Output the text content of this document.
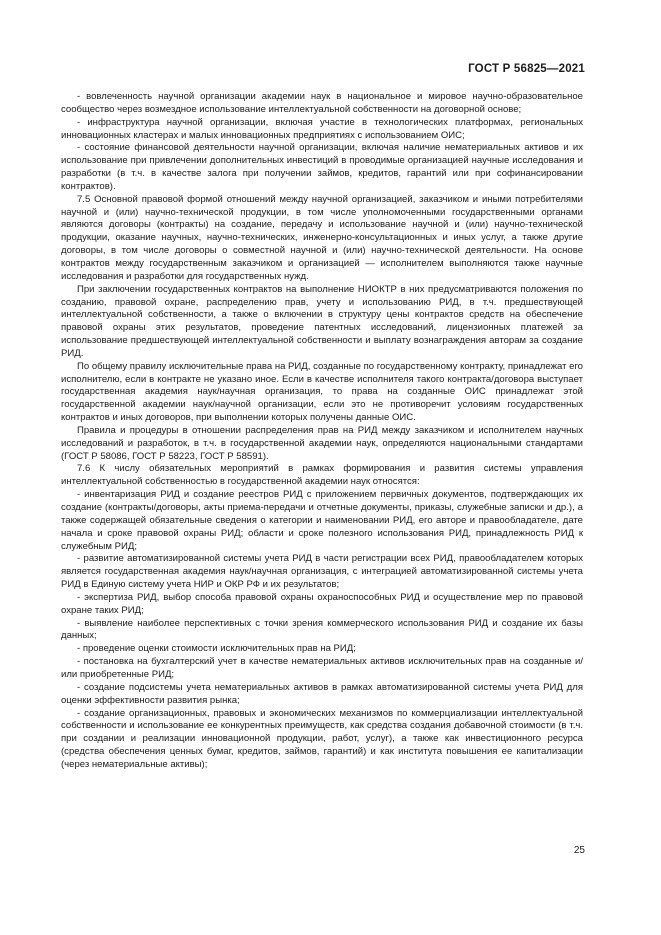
ГОСТ Р 56825—2021

- вовлеченность научной организации академии наук в национальное и мировое научно-образовательное сообщество через возмездное использование интеллектуальной собственности на договорной основе;

- инфраструктура научной организации, включая участие в технологических платформах, региональных инновационных кластерах и малых инновационных предприятиях с использованием ОИС;

- состояние финансовой деятельности научной организации, включая наличие нематериальных активов и их использование при привлечении дополнительных инвестиций в проводимые организацией научные исследования и разработки (в т.ч. в качестве залога при получении займов, кредитов, гарантий или при софинансировании контрактов).

7.5 Основной правовой формой отношений между научной организацией, заказчиком и иными потребителями научной и (или) научно-технической продукции, в том числе уполномоченными государственными органами являются договоры (контракты) на создание, передачу и использование научной и (или) научно-технической продукции, оказание научных, научно-технических, инженерно-консультационных и иных услуг, а также другие договоры, в том числе договоры о совместной научной и (или) научно-технической деятельности. На основе контрактов между государственным заказчиком и организацией — исполнителем выполняются также научные исследования и разработки для государственных нужд.

При заключении государственных контрактов на выполнение НИОКТР в них предусматриваются положения по созданию, правовой охране, распределению прав, учету и использованию РИД, в т.ч. предшествующей интеллектуальной собственности, а также о включении в структуру цены контрактов средств на обеспечение правовой охраны этих результатов, проведение патентных исследований, лицензионных платежей за использование предшествующей интеллектуальной собственности и выплату вознаграждения авторам за создание РИД.

По общему правилу исключительные права на РИД, созданные по государственному контракту, принадлежат его исполнителю, если в контракте не указано иное. Если в качестве исполнителя такого контракта/договора выступает государственная академия наук/научная организация, то права на созданные ОИС принадлежат этой государственной академии наук/научной организации, если это не противоречит условиям государственных контрактов и иных договоров, при выполнении которых получены данные ОИС.

Правила и процедуры в отношении распределения прав на РИД между заказчиком и исполнителем научных исследований и разработок, в т.ч. в государственной академии наук, определяются национальными стандартами (ГОСТ Р 58086, ГОСТ Р 58223, ГОСТ Р 58591).

7.6 К числу обязательных мероприятий в рамках формирования и развития системы управления интеллектуальной собственностью в государственной академии наук относятся:

- инвентаризация РИД и создание реестров РИД с приложением первичных документов, подтверждающих их создание (контракты/договоры, акты приема-передачи и отчетные документы, приказы, служебные записки и др.), а также содержащей обязательные сведения о категории и наименовании РИД, его авторе и правообладателе, дате начала и сроке правовой охраны РИД; области и сроке полезного использования РИД, принадлежность РИД к служебным РИД;

- развитие автоматизированной системы учета РИД в части регистрации всех РИД, правообладателем которых является государственная академия наук/научная организация, с интеграцией автоматизированной системы учета РИД в Единую систему учета НИР и ОКР РФ и их результатов;

- экспертиза РИД, выбор способа правовой охраны охраноспособных РИД и осуществление мер по правовой охране таких РИД;

- выявление наиболее перспективных с точки зрения коммерческого использования РИД и создание их базы данных;

- проведение оценки стоимости исключительных прав на РИД;

- постановка на бухгалтерский учет в качестве нематериальных активов исключительных прав на созданные и/или приобретенные РИД;

- создание подсистемы учета нематериальных активов в рамках автоматизированной системы учета РИД для оценки эффективности развития рынка;

- создание организационных, правовых и экономических механизмов по коммерциализации интеллектуальной собственности и использование ее конкурентных преимуществ, как средства создания добавочной стоимости (в т.ч. при создании и реализации инновационной продукции, работ, услуг), а также как инвестиционного ресурса (средства обеспечения ценных бумаг, кредитов, займов, гарантий) и как института повышения ее капитализации (через нематериальные активы);

25
